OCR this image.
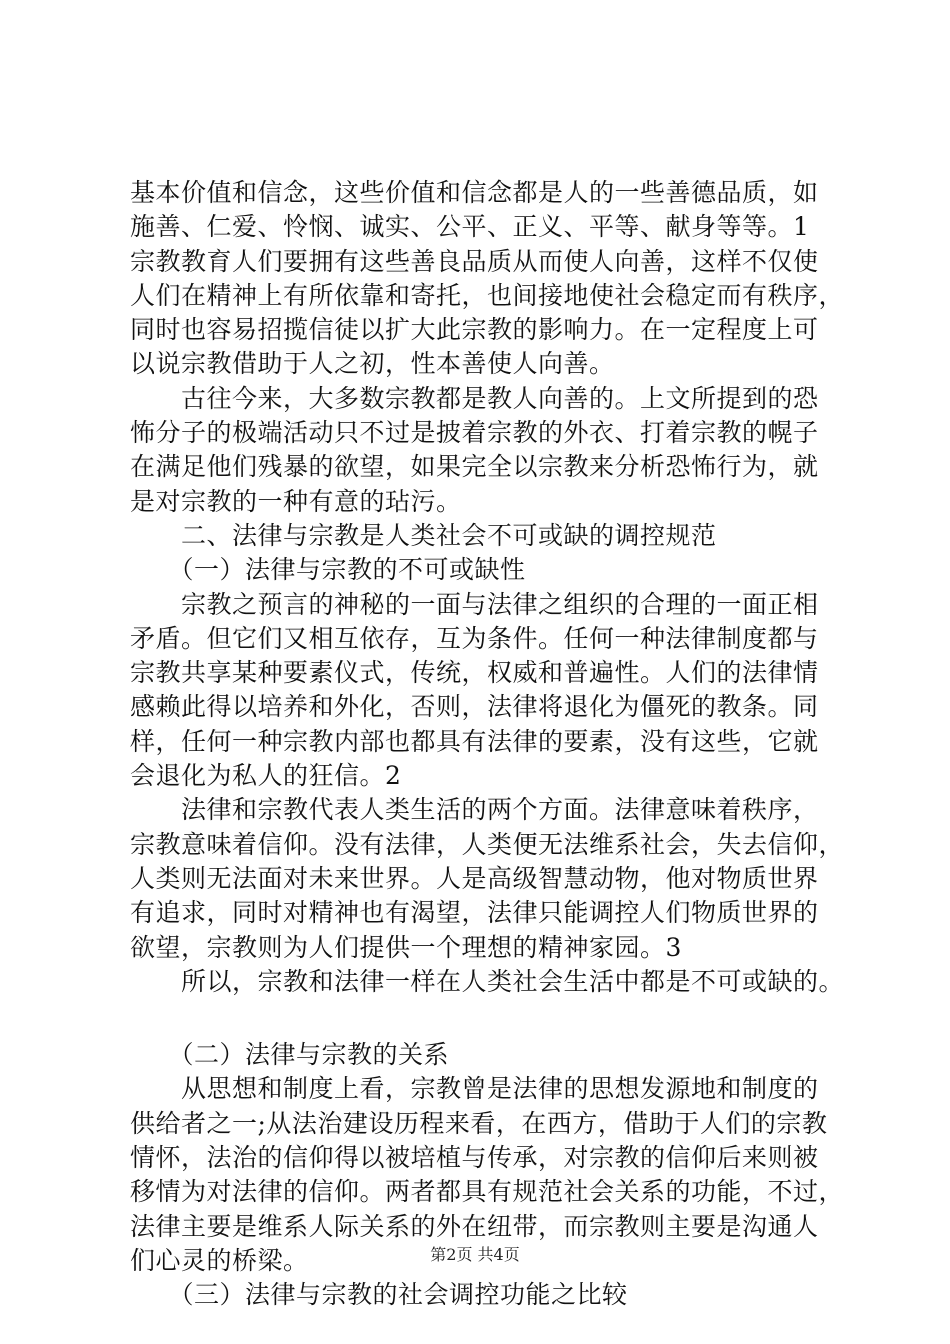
基本价值和信念，这些价值和信念都是人的一些善德品质，如
施善、仁爱、怜悯、诚实、公平、正义、平等、献身等等。1
宗教教育人们要拥有这些善良品质从而使人向善，这样不仅使
人们在精神上有所依靠和寄托，也间接地使社会稳定而有秩序，
同时也容易招揽信徒以扩大此宗教的影响力。在一定程度上可
以说宗教借助于人之初，性本善使人向善。
　　古往今来，大多数宗教都是教人向善的。上文所提到的恐
怖分子的极端活动只不过是披着宗教的外衣、打着宗教的幌子
在满足他们残暴的欲望，如果完全以宗教来分析恐怖行为，就
是对宗教的一种有意的玷污。
　　二、法律与宗教是人类社会不可或缺的调控规范
　　（一）法律与宗教的不可或缺性
　　宗教之预言的神秘的一面与法律之组织的合理的一面正相
矛盾。但它们又相互依存，互为条件。任何一种法律制度都与
宗教共享某种要素仪式，传统，权威和普遍性。人们的法律情
感赖此得以培养和外化，否则，法律将退化为僵死的教条。同
样，任何一种宗教内部也都具有法律的要素，没有这些，它就
会退化为私人的狂信。2
　　法律和宗教代表人类生活的两个方面。法律意味着秩序，
宗教意味着信仰。没有法律，人类便无法维系社会，失去信仰，
人类则无法面对未来世界。人是高级智慧动物，他对物质世界
有追求，同时对精神也有渴望，法律只能调控人们物质世界的
欲望，宗教则为人们提供一个理想的精神家园。3
　　所以，宗教和法律一样在人类社会生活中都是不可或缺的。
　　（二）法律与宗教的关系
　　从思想和制度上看，宗教曾是法律的思想发源地和制度的
供给者之一;从法治建设历程来看，在西方，借助于人们的宗教
情怀，法治的信仰得以被培植与传承，对宗教的信仰后来则被
移情为对法律的信仰。两者都具有规范社会关系的功能，不过，
法律主要是维系人际关系的外在纽带，而宗教则主要是沟通人
们心灵的桥梁。
　　（三）法律与宗教的社会调控功能之比较
第2页 共4页
